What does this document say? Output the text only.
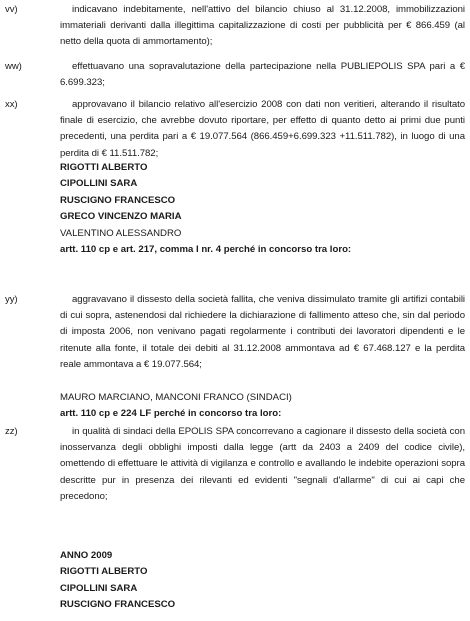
vv)	indicavano indebitamente, nell'attivo del bilancio chiuso al 31.12.2008, immobilizzazioni immateriali derivanti dalla illegittima capitalizzazione di costi per pubblicità per € 866.459 (al netto della quota di ammortamento);
ww)	effettuavano una sopravalutazione della partecipazione nella PUBLIEPOLIS SPA pari a € 6.699.323;
xx)	approvavano il bilancio relativo all'esercizio 2008 con dati non veritieri, alterando il risultato finale di esercizio, che avrebbe dovuto riportare, per effetto di quanto detto ai primi due punti precedenti, una perdita pari a € 19.077.564 (866.459+6.699.323 +11.511.782), in luogo di una perdita di € 11.511.782;
RIGOTTI ALBERTO
CIPOLLINI SARA
RUSCIGNO FRANCESCO
GRECO VINCENZO MARIA
VALENTINO ALESSANDRO
artt. 110 cp e art. 217, comma I nr. 4 perché in concorso tra loro:
yy)	aggravavano il dissesto della società fallita, che veniva dissimulato tramite gli artifizi contabili di cui sopra, astenendosi dal richiedere la dichiarazione di fallimento atteso che, sin dal periodo di imposta 2006, non venivano pagati regolarmente i contributi dei lavoratori dipendenti e le ritenute alla fonte, il totale dei debiti al 31.12.2008 ammontava ad € 67.468.127 e la perdita reale ammontava a € 19.077.564;
MAURO MARCIANO, MANCONI FRANCO (SINDACI)
artt. 110 cp e 224 LF perché in concorso tra loro:
zz)	in qualità di sindaci della EPOLIS SPA concorrevano a cagionare il dissesto della società con inosservanza degli obblighi imposti dalla legge (artt da 2403 a 2409 del codice civile), omettendo di effettuare le attività di vigilanza e controllo e avallando le indebite operazioni sopra descritte pur in presenza dei rilevanti ed evidenti "segnali d'allarme" di cui ai capi che precedono;
ANNO 2009
RIGOTTI ALBERTO
CIPOLLINI SARA
RUSCIGNO FRANCESCO
